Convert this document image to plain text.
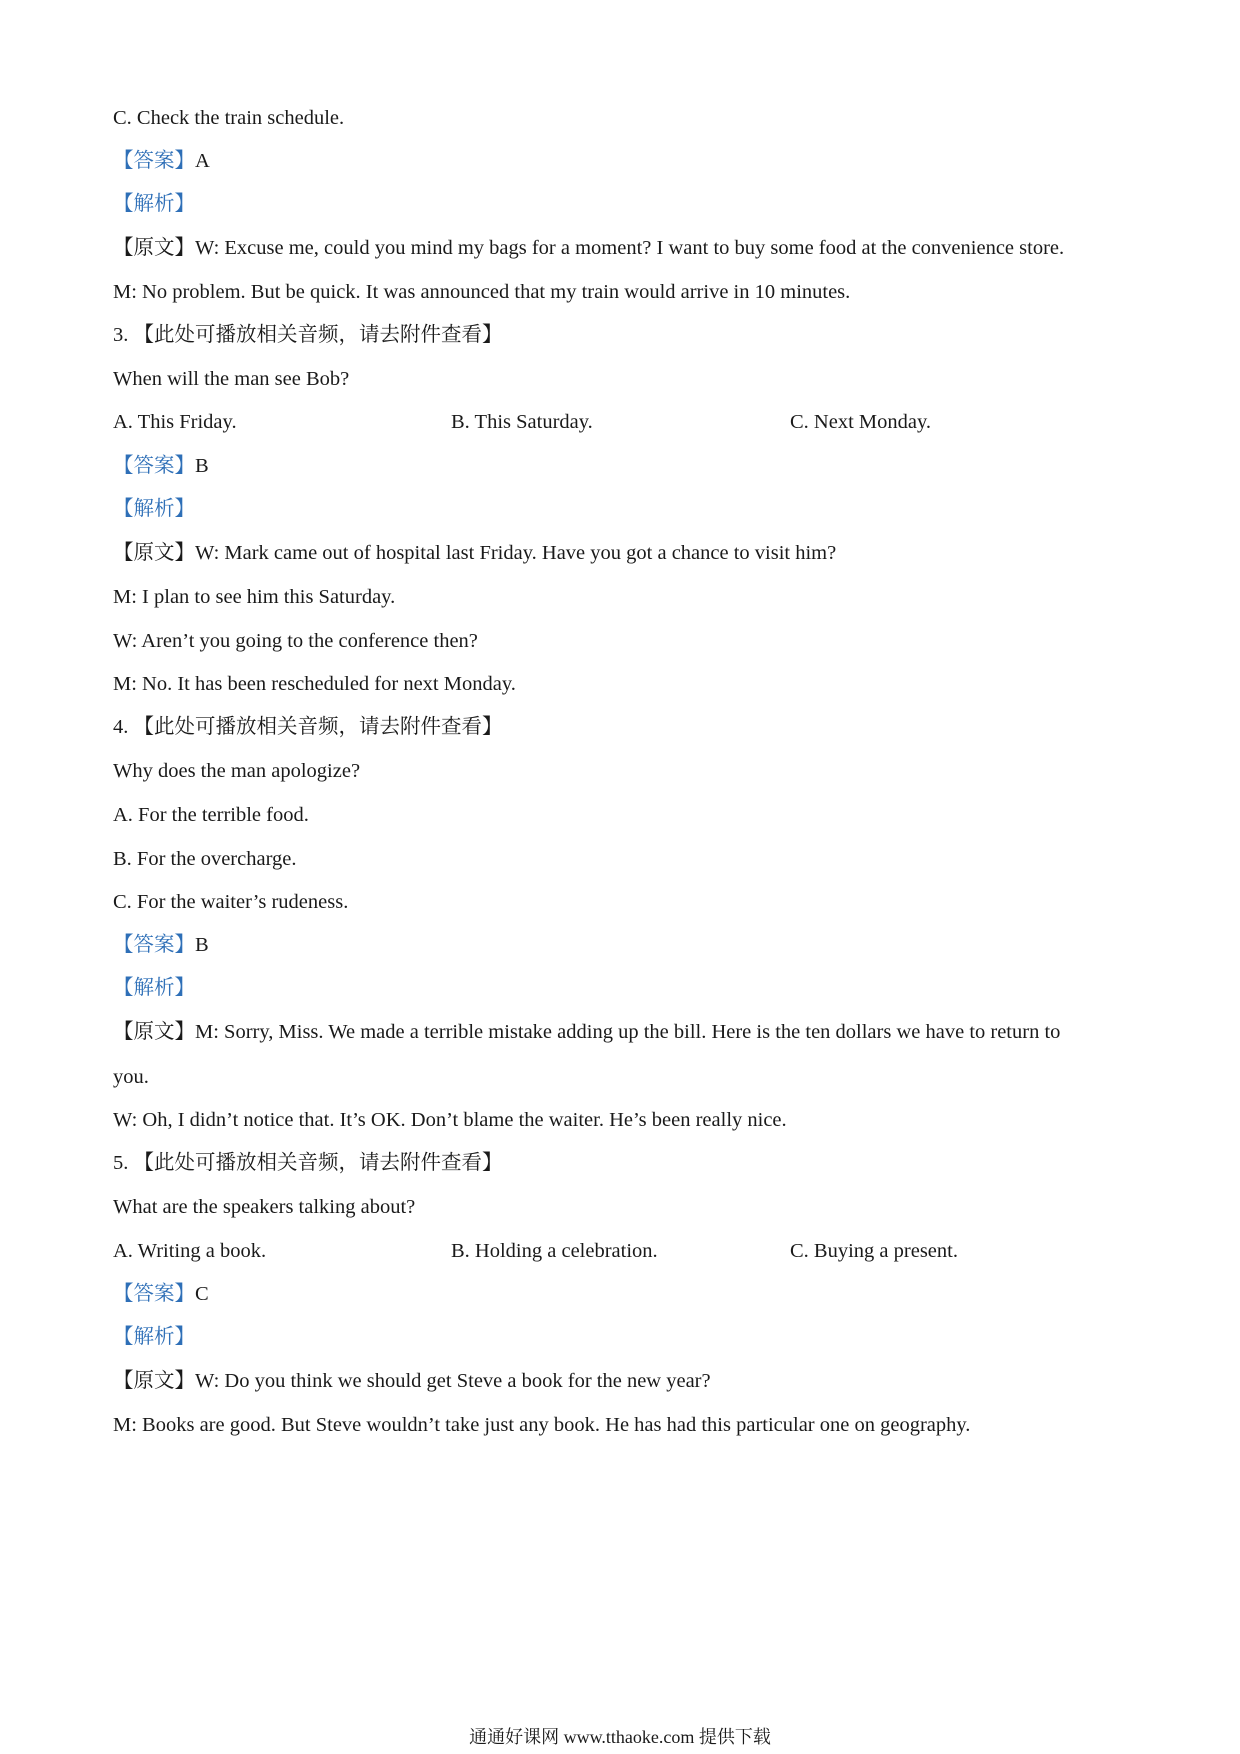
C. Check the train schedule.
【答案】A
【解析】
【原文】W: Excuse me, could you mind my bags for a moment? I want to buy some food at the convenience store.
M: No problem. But be quick. It was announced that my train would arrive in 10 minutes.
3. 【此处可播放相关音频，请去附件查看】
When will the man see Bob?
A. This Friday.	B. This Saturday.	C. Next Monday.
【答案】B
【解析】
【原文】W: Mark came out of hospital last Friday. Have you got a chance to visit him?
M: I plan to see him this Saturday.
W: Aren’t you going to the conference then?
M: No. It has been rescheduled for next Monday.
4. 【此处可播放相关音频，请去附件查看】
Why does the man apologize?
A. For the terrible food.
B. For the overcharge.
C. For the waiter’s rudeness.
【答案】B
【解析】
【原文】M: Sorry, Miss. We made a terrible mistake adding up the bill. Here is the ten dollars we have to return to
you.
W: Oh, I didn’t notice that. It’s OK. Don’t blame the waiter. He’s been really nice.
5. 【此处可播放相关音频，请去附件查看】
What are the speakers talking about?
A. Writing a book.	B. Holding a celebration.	C. Buying a present.
【答案】C
【解析】
【原文】W: Do you think we should get Steve a book for the new year?
M: Books are good. But Steve wouldn’t take just any book. He has had this particular one on geography.
通通好课网 www.tthaoke.com 提供下载
